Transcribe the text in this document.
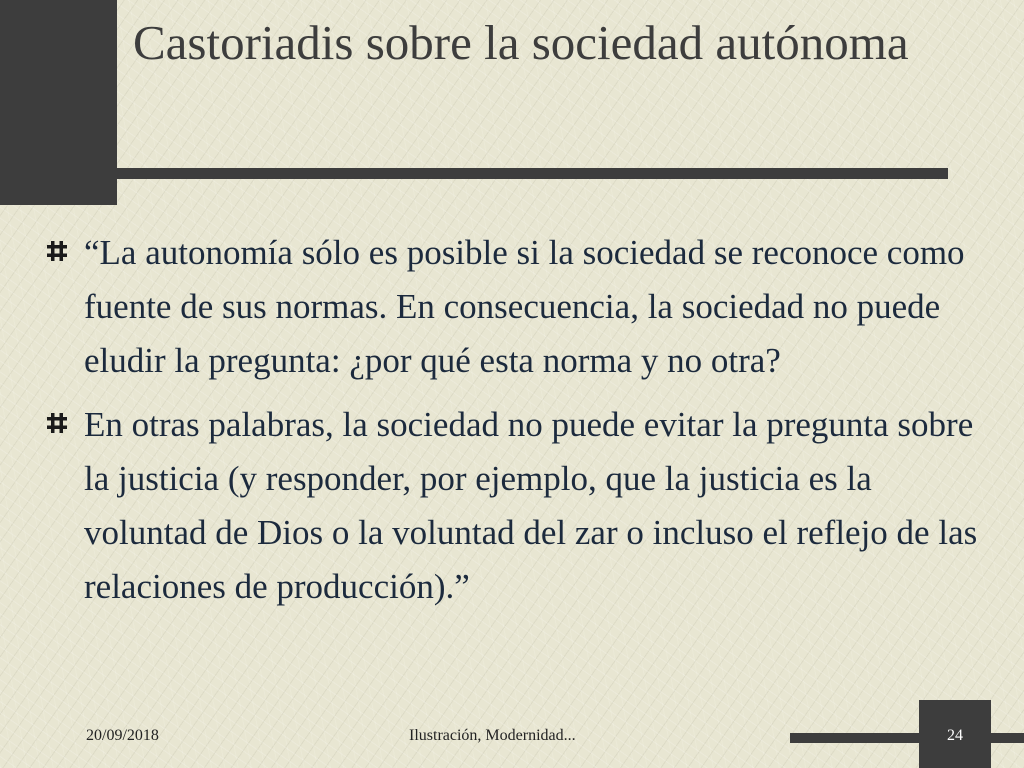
Castoriadis sobre la sociedad autónoma
“La autonomía sólo es posible si la sociedad se reconoce como fuente de sus normas. En consecuencia, la sociedad no puede eludir la pregunta: ¿por qué esta norma y no otra?
En otras palabras, la sociedad no puede evitar la pregunta sobre la justicia (y responder, por ejemplo, que la justicia es la voluntad de Dios o la voluntad del zar o incluso el reflejo de las relaciones de producción).”
20/09/2018	Ilustración, Modernidad...	24
